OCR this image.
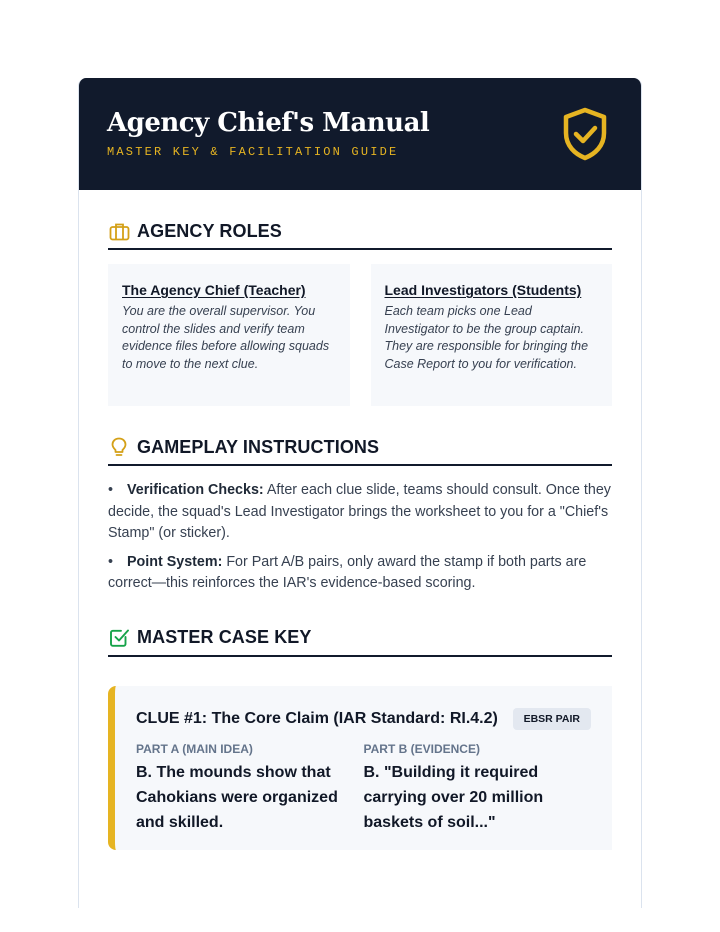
Agency Chief's Manual
MASTER KEY & FACILITATION GUIDE
AGENCY ROLES
The Agency Chief (Teacher)

You are the overall supervisor. You control the slides and verify team evidence files before allowing squads to move to the next clue.

Lead Investigators (Students)

Each team picks one Lead Investigator to be the group captain. They are responsible for bringing the Case Report to you for verification.

GAMEPLAY INSTRUCTIONS
• Verification Checks: After each clue slide, teams should consult. Once they decide, the squad's Lead Investigator brings the worksheet to you for a "Chief's Stamp" (or sticker).
• Point System: For Part A/B pairs, only award the stamp if both parts are correct—this reinforces the IAR's evidence-based scoring.
MASTER CASE KEY
CLUE #1: The Core Claim (IAR Standard: RI.4.2)	EBSR PAIR
PART A (MAIN IDEA)
B. The mounds show that Cahokians were organized and skilled.
PART B (EVIDENCE)
B. "Building it required carrying over 20 million baskets of soil..."
